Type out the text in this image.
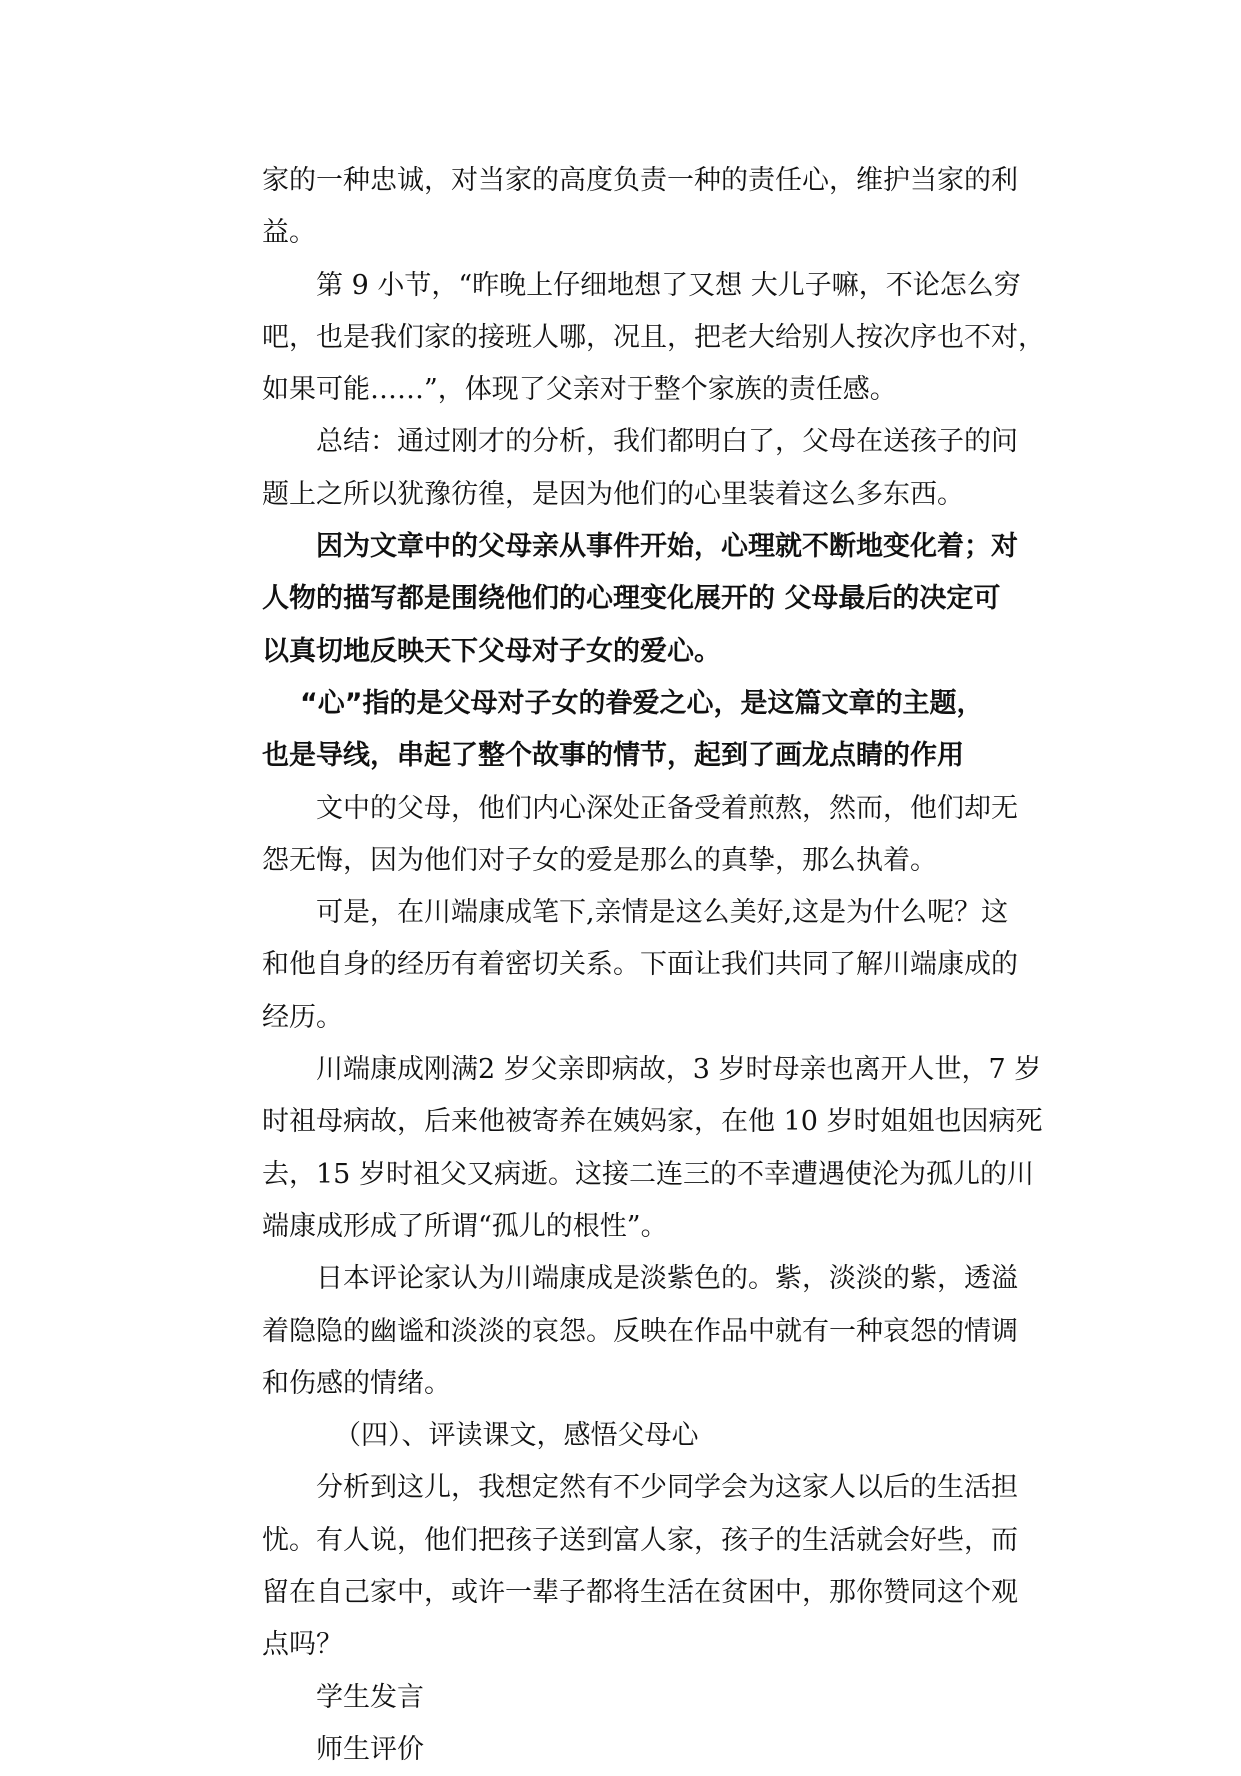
家的一种忠诚，对当家的高度负责一种的责任心，维护当家的利
益。
第 9 小节，“昨晚上仔细地想了又想 大儿子嘛，不论怎么穷
吧，也是我们家的接班人哪，况且，把老大给别人按次序也不对，
如果可能……”，体现了父亲对于整个家族的责任感。
总结：通过刚才的分析，我们都明白了，父母在送孩子的问
题上之所以犹豫彷徨，是因为他们的心里装着这么多东西。
因为文章中的父母亲从事件开始，心理就不断地变化着；对
人物的描写都是围绕他们的心理变化展开的 父母最后的决定可
以真切地反映天下父母对子女的爱心。
“心”指的是父母对子女的眷爱之心，是这篇文章的主题，
也是导线，串起了整个故事的情节，起到了画龙点睛的作用
文中的父母，他们内心深处正备受着煎熬，然而，他们却无
怨无悔，因为他们对子女的爱是那么的真挚，那么执着。
可是，在川端康成笔下,亲情是这么美好,这是为什么呢？这
和他自身的经历有着密切关系。下面让我们共同了解川端康成的
经历。
川端康成刚满2 岁父亲即病故，3 岁时母亲也离开人世，7 岁
时祖母病故，后来他被寄养在姨妈家，在他 10 岁时姐姐也因病死
去，15 岁时祖父又病逝。这接二连三的不幸遭遇使沦为孤儿的川
端康成形成了所谓“孤儿的根性”。
日本评论家认为川端康成是淡紫色的。紫，淡淡的紫，透溢
着隐隐的幽谧和淡淡的哀怨。反映在作品中就有一种哀怨的情调
和伤感的情绪。
（四）、评读课文，感悟父母心
分析到这儿，我想定然有不少同学会为这家人以后的生活担
忧。有人说，他们把孩子送到富人家，孩子的生活就会好些，而
留在自己家中，或许一辈子都将生活在贫困中，那你赞同这个观
点吗？
学生发言
师生评价
